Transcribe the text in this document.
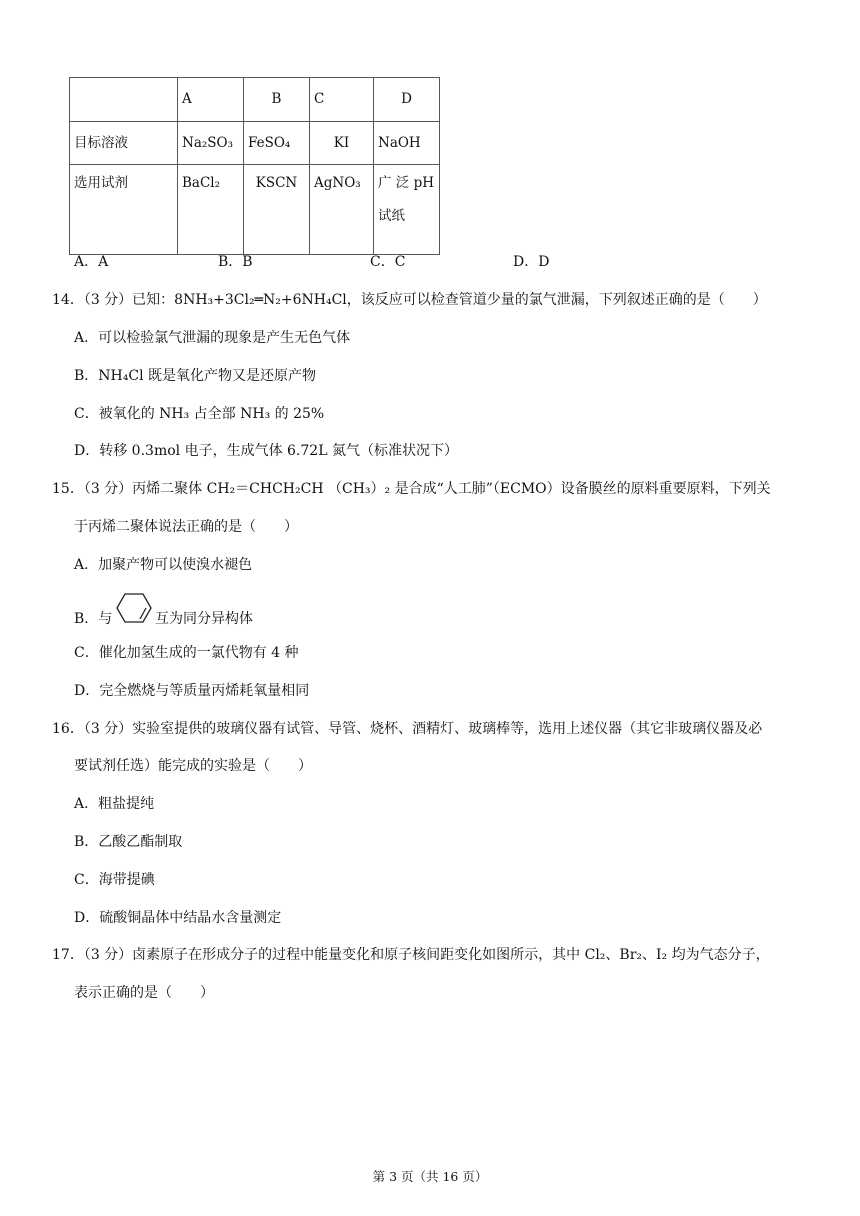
	A	B	C	D
目标溶液	Na₂SO₃	FeSO₄	KI	NaOH
选用试剂	BaCl₂	KSCN	AgNO₃	广 泛 pH
试纸
A．A	B．B	C．C	D．D
14．（3 分）已知：8NH₃+3Cl₂═N₂+6NH₄Cl，该反应可以检查管道少量的氯气泄漏，下列叙述正确的是（　　）
A．可以检验氯气泄漏的现象是产生无色气体
B．NH₄Cl 既是氧化产物又是还原产物
C．被氧化的 NH₃ 占全部 NH₃ 的 25%
D．转移 0.3mol 电子，生成气体 6.72L 氮气（标准状况下）
15．（3 分）丙烯二聚体 CH₂＝CHCH₂CH （CH₃）₂ 是合成“人工肺”（ECMO）设备膜丝的原料重要原料，下列关
于丙烯二聚体说法正确的是（　　）
A．加聚产物可以使溴水褪色
B．与	互为同分异构体
C．催化加氢生成的一氯代物有 4 种
D．完全燃烧与等质量丙烯耗氧量相同
16．（3 分）实验室提供的玻璃仪器有试管、导管、烧杯、酒精灯、玻璃棒等，选用上述仪器（其它非玻璃仪器及必
要试剂任选）能完成的实验是（　　）
A．粗盐提纯
B．乙酸乙酯制取
C．海带提碘
D．硫酸铜晶体中结晶水含量测定
17．（3 分）卤素原子在形成分子的过程中能量变化和原子核间距变化如图所示，其中 Cl₂、Br₂、I₂ 均为气态分子，
表示正确的是（　　）
第 3 页（共 16 页）
